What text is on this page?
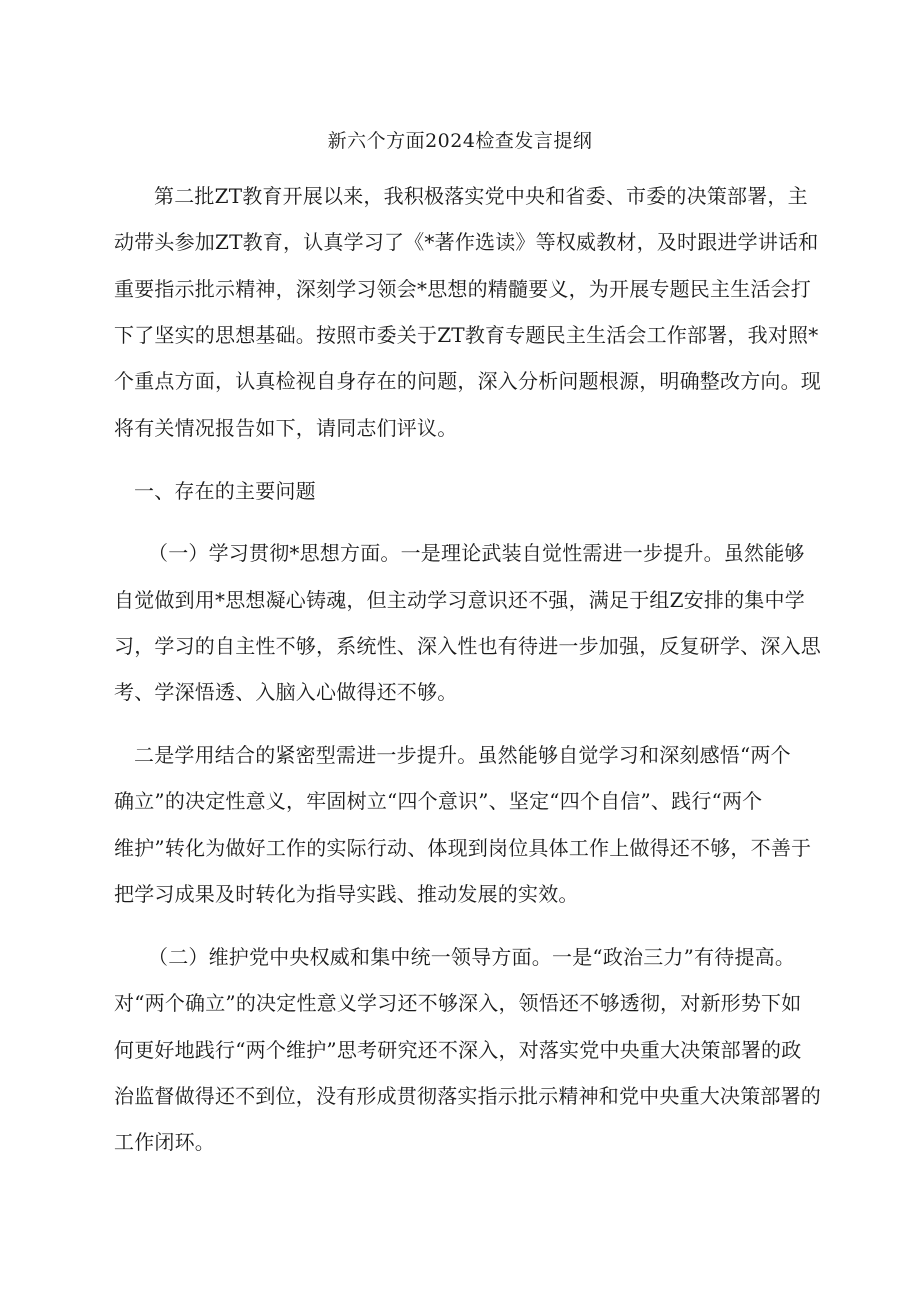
新六个方面2024检查发言提纲
第二批ZT教育开展以来，我积极落实党中央和省委、市委的决策部署，主
动带头参加ZT教育，认真学习了《*著作选读》等权威教材，及时跟进学讲话和
重要指示批示精神，深刻学习领会*思想的精髓要义，为开展专题民主生活会打
下了坚实的思想基础。按照市委关于ZT教育专题民主生活会工作部署，我对照*
个重点方面，认真检视自身存在的问题，深入分析问题根源，明确整改方向。现
将有关情况报告如下，请同志们评议。
一、存在的主要问题
（一）学习贯彻*思想方面。一是理论武装自觉性需进一步提升。虽然能够
自觉做到用*思想凝心铸魂，但主动学习意识还不强，满足于组Z安排的集中学
习，学习的自主性不够，系统性、深入性也有待进一步加强，反复研学、深入思
考、学深悟透、入脑入心做得还不够。
二是学用结合的紧密型需进一步提升。虽然能够自觉学习和深刻感悟“两个
确立”的决定性意义，牢固树立“四个意识”、坚定“四个自信”、践行“两个
维护”转化为做好工作的实际行动、体现到岗位具体工作上做得还不够，不善于
把学习成果及时转化为指导实践、推动发展的实效。
（二）维护党中央权威和集中统一领导方面。一是“政治三力”有待提高。
对“两个确立”的决定性意义学习还不够深入，领悟还不够透彻，对新形势下如
何更好地践行“两个维护”思考研究还不深入，对落实党中央重大决策部署的政
治监督做得还不到位，没有形成贯彻落实指示批示精神和党中央重大决策部署的
工作闭环。
